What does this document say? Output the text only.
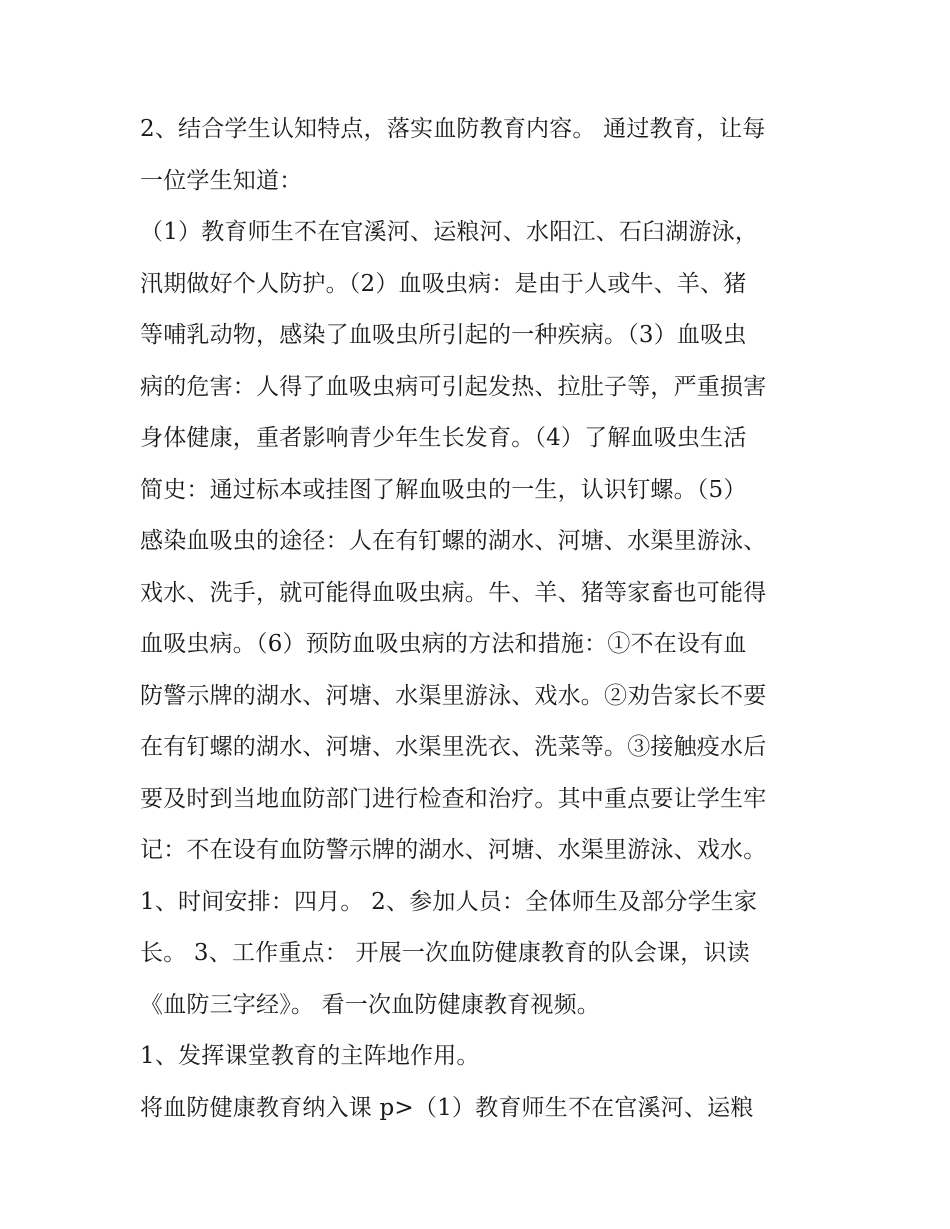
2、结合学生认知特点，落实血防教育内容。 通过教育，让每
一位学生知道：
（1）教育师生不在官溪河、运粮河、水阳江、石臼湖游泳，
汛期做好个人防护。（2）血吸虫病：是由于人或牛、羊、猪
等哺乳动物，感染了血吸虫所引起的一种疾病。（3）血吸虫
病的危害：人得了血吸虫病可引起发热、拉肚子等，严重损害
身体健康，重者影响青少年生长发育。（4）了解血吸虫生活
简史：通过标本或挂图了解血吸虫的一生，认识钉螺。（5）
感染血吸虫的途径：人在有钉螺的湖水、河塘、水渠里游泳、
戏水、洗手，就可能得血吸虫病。牛、羊、猪等家畜也可能得
血吸虫病。（6）预防血吸虫病的方法和措施：①不在设有血
防警示牌的湖水、河塘、水渠里游泳、戏水。②劝告家长不要
在有钉螺的湖水、河塘、水渠里洗衣、洗菜等。③接触疫水后
要及时到当地血防部门进行检查和治疗。其中重点要让学生牢
记：不在设有血防警示牌的湖水、河塘、水渠里游泳、戏水。
1、时间安排：四月。 2、参加人员：全体师生及部分学生家
长。 3、工作重点： 开展一次血防健康教育的队会课，识读
《血防三字经》。 看一次血防健康教育视频。
1、发挥课堂教育的主阵地作用。
将血防健康教育纳入课 p>（1）教育师生不在官溪河、运粮
